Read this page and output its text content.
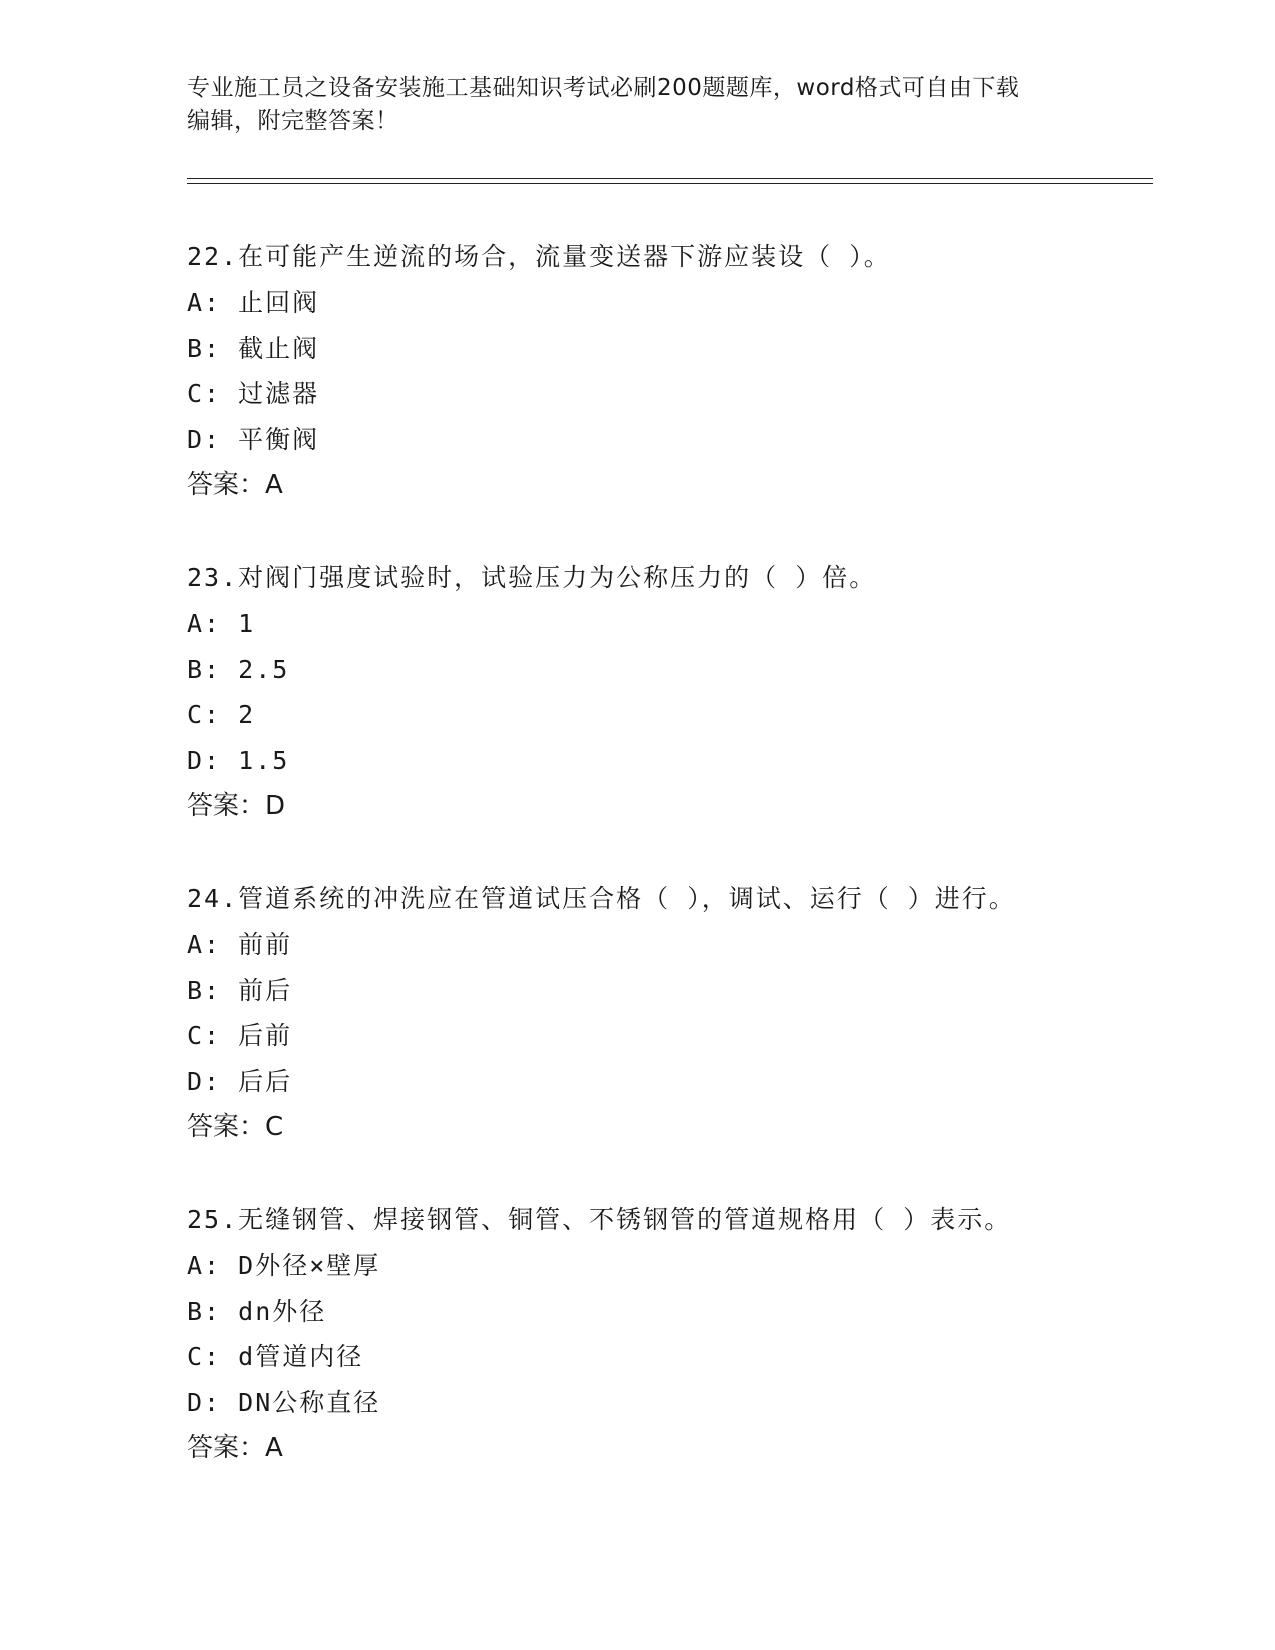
专业施工员之设备安装施工基础知识考试必刷200题题库，word格式可自由下载
编辑，附完整答案！
22.在可能产生逆流的场合，流量变送器下游应装设（ ）。
A: 止回阀
B: 截止阀
C: 过滤器
D: 平衡阀
答案：A
23.对阀门强度试验时，试验压力为公称压力的（ ）倍。
A: 1
B: 2.5
C: 2
D: 1.5
答案：D
24.管道系统的冲洗应在管道试压合格（ ），调试、运行（ ）进行。
A: 前前
B: 前后
C: 后前
D: 后后
答案：C
25.无缝钢管、焊接钢管、铜管、不锈钢管的管道规格用（ ）表示。
A: D外径×壁厚
B: dn外径
C: d管道内径
D: DN公称直径
答案：A
